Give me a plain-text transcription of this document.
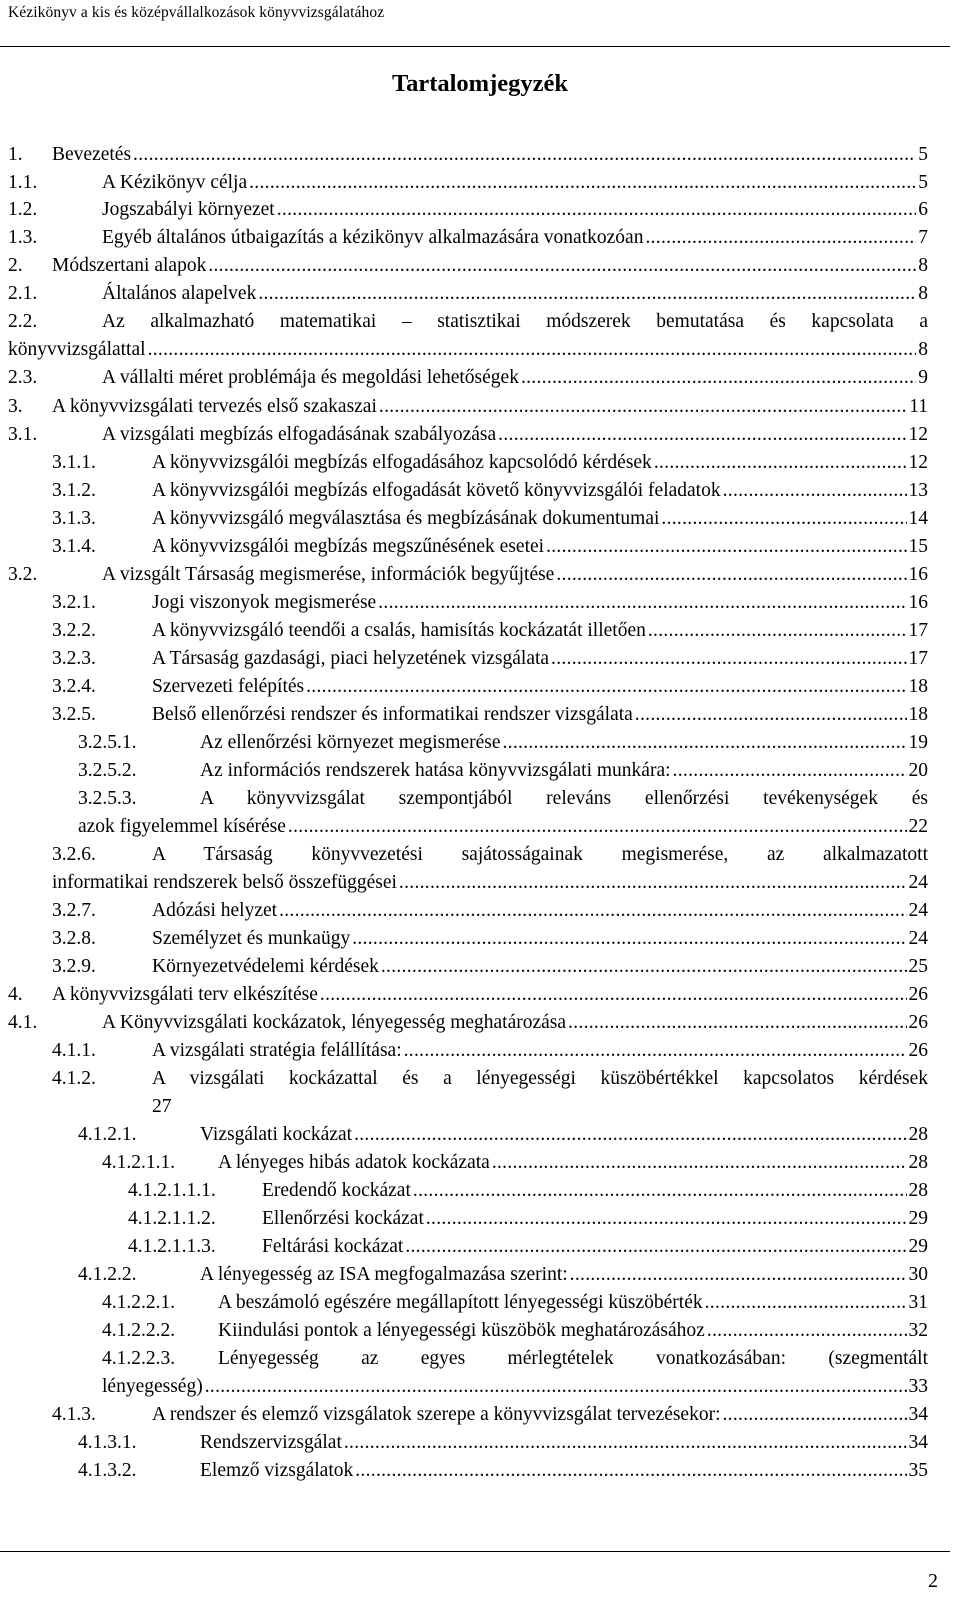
Kézikönyv a kis és középvállalkozások könyvvizsgálatához
Tartalomjegyzék
1. Bevezetés .....	5
1.1.	A Kézikönyv célja .....	5
1.2.	Jogszabályi környezet .....	6
1.3.	Egyéb általános útbaigazítás a kézikönyv alkalmazására vonatkozóan .....	7
2. Módszertani alapok .....	8
2.1.	Általános alapelvek .....	8
2.2.	Az alkalmazható matematikai – statisztikai módszerek bemutatása és kapcsolata a
könyvvizsgálattal .....	8
2.3.	A vállalti méret problémája és megoldási lehetőségek .....	9
3. A könyvvizsgálati tervezés első szakaszai .....	11
3.1.	A vizsgálati megbízás elfogadásának szabályozása .....	12
3.1.1.	A könyvvizsgálói megbízás elfogadásához kapcsolódó kérdések .....	12
3.1.2.	A könyvvizsgálói megbízás elfogadását követő könyvvizsgálói feladatok .....	13
3.1.3.	A könyvvizsgáló megválasztása és megbízásának dokumentumai .....	14
3.1.4.	A könyvvizsgálói megbízás megszűnésének esetei .....	15
3.2.	A vizsgált Társaság megismerése, információk begyűjtése .....	16
3.2.1.	Jogi viszonyok megismerése .....	16
3.2.2.	A könyvvizsgáló teendői a csalás, hamisítás kockázatát illetően .....	17
3.2.3.	A Társaság gazdasági, piaci helyzetének vizsgálata .....	17
3.2.4.	Szervezeti felépítés .....	18
3.2.5.	Belső ellenőrzési rendszer és informatikai rendszer vizsgálata .....	18
3.2.5.1.	Az ellenőrzési környezet megismerése .....	19
3.2.5.2.	Az információs rendszerek hatása könyvvizsgálati munkára: .....	20
3.2.5.3.	A könyvvizsgálat szempontjából releváns ellenőrzési tevékenységek és
azok figyelemmel kísérése .....	22
3.2.6.	A Társaság könyvvezetési sajátosságainak megismerése, az alkalmazatott
informatikai rendszerek belső összefüggései .....	24
3.2.7.	Adózási helyzet .....	24
3.2.8.	Személyzet és munkaügy .....	24
3.2.9.	Környezetvédelemi kérdések .....	25
4. A könyvvizsgálati terv elkészítése .....	26
4.1.	A Könyvvizsgálati kockázatok, lényegesség meghatározása .....	26
4.1.1.	A vizsgálati stratégia felállítása: .....	26
4.1.2.	A vizsgálati kockázattal és a lényegességi küszöbértékkel kapcsolatos kérdések
27
4.1.2.1.	Vizsgálati kockázat .....	28
4.1.2.1.1. A lényeges hibás adatok kockázata .....	28
4.1.2.1.1.1. Eredendő kockázat .....	28
4.1.2.1.1.2. Ellenőrzési kockázat .....	29
4.1.2.1.1.3. Feltárási kockázat .....	29
4.1.2.2.	A lényegesség az ISA megfogalmazása szerint: .....	30
4.1.2.2.1. A beszámoló egészére megállapított lényegességi küszöbérték .....	31
4.1.2.2.2. Kiindulási pontok a lényegességi küszöbök meghatározásához .....	32
4.1.2.2.3. Lényegesség az egyes mérlegtételek vonatkozásában: (szegmentált
lényegesség) .....	33
4.1.3.	A rendszer és elemző vizsgálatok szerepe a könyvvizsgálat tervezésekor: .....	34
4.1.3.1.	Rendszervizsgálat .....	34
4.1.3.2.	Elemző vizsgálatok .....	35
2
